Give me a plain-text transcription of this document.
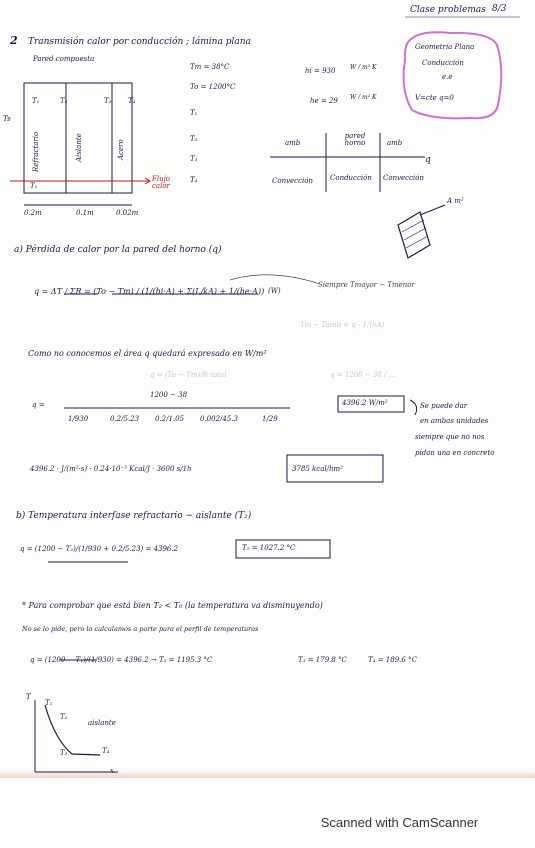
Clase problemas 8/3
2 Transmisión calor por conducción ; lámina plana	Geometría Plana
Conducción
e.e
V=cte q=0
Pared compuesta
T₁	T₂	T₃ T₄
Ts
T₁
Refractario	Aislante	Acero
Flujo calor
0.2m	0.1m	0.02m
Tm = 38°C
To = 1200°C
T₁
T₂
T₃
T₄
hi = 930 W / m² K
he = 29 W / m² K
amb
pared horno	amb
Convección Conducción Convección
q
A m²
a) Pérdida de calor por la pared del horno (q)
q = ΔT / ΣR = (To − Tm) / (1/(hi·A) + Σ(L/kA) + 1/(he·A)) (W)
Siempre Tmayor − Tmenor
Tm − Tamb = q · 1/(hA)
q = (To − Tm)/R total	q = 1200 − 38 / ...
Como no conocemos el área q quedará expresado en W/m²
q =
1200 − 38
1/930	0.2/5.23 0.2/1.05 0.002/45.3	1/29
4396.2 W/m²	Se puede dar
en ambas unidades
siempre que no nos
pidan una en concreto
4396.2 · J/(m²·s) · 0.24·10⁻³ Kcal/J · 3600 s/1h	3785 kcal/hm²
b) Temperatura interfase refractario − aislante (T₂)
q = (1200 − T₂)/(1/930 + 0.2/5.23) = 4396.2	T₂ = 1027.2 °C
* Para comprobar que está bien T₂ < T₀ (la temperatura va disminuyendo)
No se lo pide, pero lo calculamos a parte para el perfil de temperaturas
q = (1200 − T₁)/(1/930) = 4396.2 → T₁ = 1195.3 °C	T₃ = 179.8 °C	T₄ = 189.6 °C
T
T₁
T₂
aislante
T₃	T₄
x
Scanned with CamScanner
